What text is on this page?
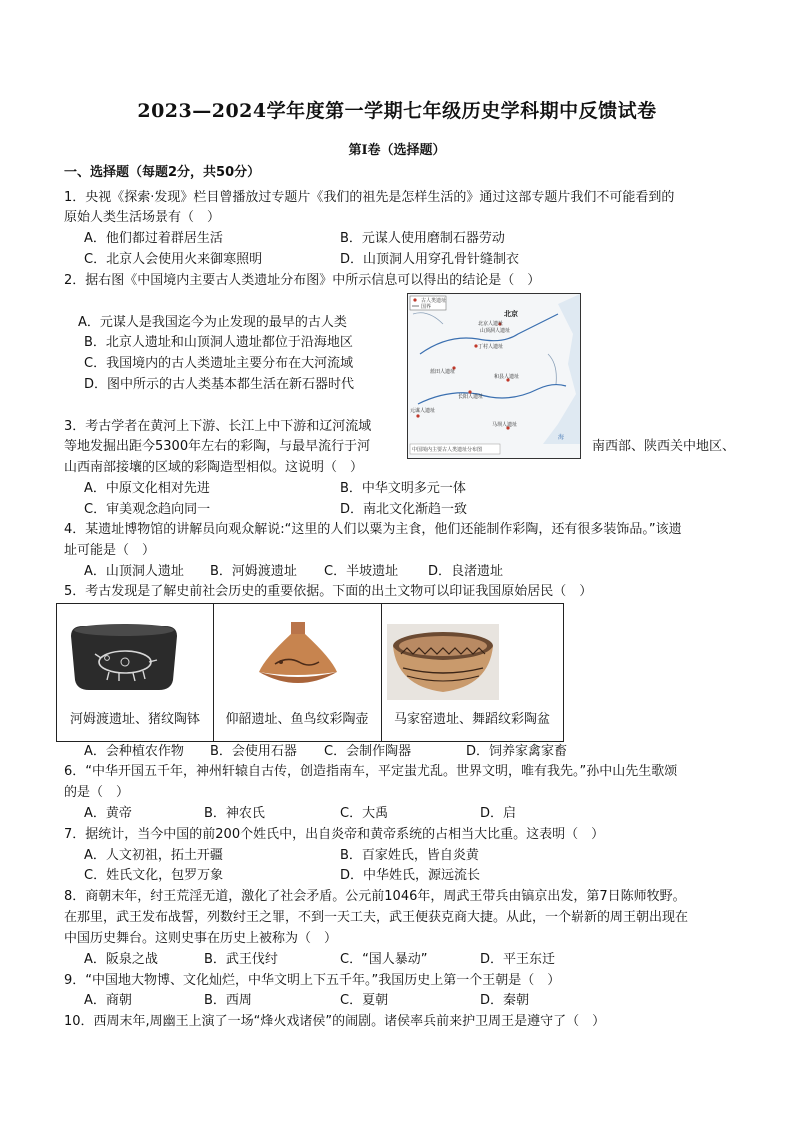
2023—2024学年度第一学期七年级历史学科期中反馈试卷
第Ⅰ卷（选择题）
一、选择题（每题2分，共50分）
1．央视《探索·发现》栏目曾播放过专题片《我们的祖先是怎样生活的》通过这部专题片我们不可能看到的
原始人类生活场景有（　）
A．他们都过着群居生活	B．元谋人使用磨制石器劳动
C．北京人会使用火来御寒照明	D．山顶洞人用穿孔骨针缝制衣
2．据右图《中国境内主要古人类遗址分布图》中所示信息可以得出的结论是（　）
A．元谋人是我国迄今为止发现的最早的古人类
B．北京人遗址和山顶洞人遗址都位于沿海地区
C．我国境内的古人类遗址主要分布在大河流域
D．图中所示的古人类基本都生活在新石器时代
古人类遗址
国界
北京
北京人遗址
山顶洞人遗址
丁村人遗址
蓝田人遗址
和县人遗址
长阳人遗址
元谋人遗址
马坝人遗址
海
中国境内主要古人类遗址分布图
3．考古学者在黄河上下游、长江上中下游和辽河流域
等地发掘出距今5300年左右的彩陶，与最早流行于河	南西部、陕西关中地区、
山西南部接壤的区域的彩陶造型相似。这说明（　）
A．中原文化相对先进	B．中华文明多元一体
C．审美观念趋向同一	D．南北文化渐趋一致
4．某遗址博物馆的讲解员向观众解说:“这里的人们以粟为主食，他们还能制作彩陶，还有很多装饰品。”该遗
址可能是（　）
A．山顶洞人遗址 B．河姆渡遗址 C．半坡遗址 D．良渚遗址
5．考古发现是了解史前社会历史的重要依据。下面的出土文物可以印证我国原始居民（　）
河姆渡遗址、猪纹陶钵	仰韶遗址、鱼鸟纹彩陶壶	马家窑遗址、舞蹈纹彩陶盆
A．会种植农作物 B．会使用石器 C．会制作陶器	D．饲养家禽家畜
6．“中华开国五千年，神州轩辕自古传，创造指南车，平定蚩尤乱。世界文明，唯有我先。”孙中山先生歌颂
的是（　）
A．黄帝	B．神农氏	C．大禹	D．启
7．据统计，当今中国的前200个姓氏中，出自炎帝和黄帝系统的占相当大比重。这表明（　）
A．人文初祖，拓土开疆	B．百家姓氏，皆自炎黄
C．姓氏文化，包罗万象	D．中华姓氏，源远流长
8．商朝末年，纣王荒淫无道，激化了社会矛盾。公元前1046年，周武王带兵由镐京出发，第7日陈师牧野。
在那里，武王发布战誓，列数纣王之罪，不到一天工夫，武王便获克商大捷。从此，一个崭新的周王朝出现在
中国历史舞台。这则史事在历史上被称为（　）
A．阪泉之战	B．武王伐纣	C．“国人暴动”	D．平王东迁
9．“中国地大物博、文化灿烂，中华文明上下五千年。”我国历史上第一个王朝是（　）
A．商朝	B．西周	C．夏朝	D．秦朝
10．西周末年,周幽王上演了一场“烽火戏诸侯”的闹剧。诸侯率兵前来护卫周王是遵守了（　）
